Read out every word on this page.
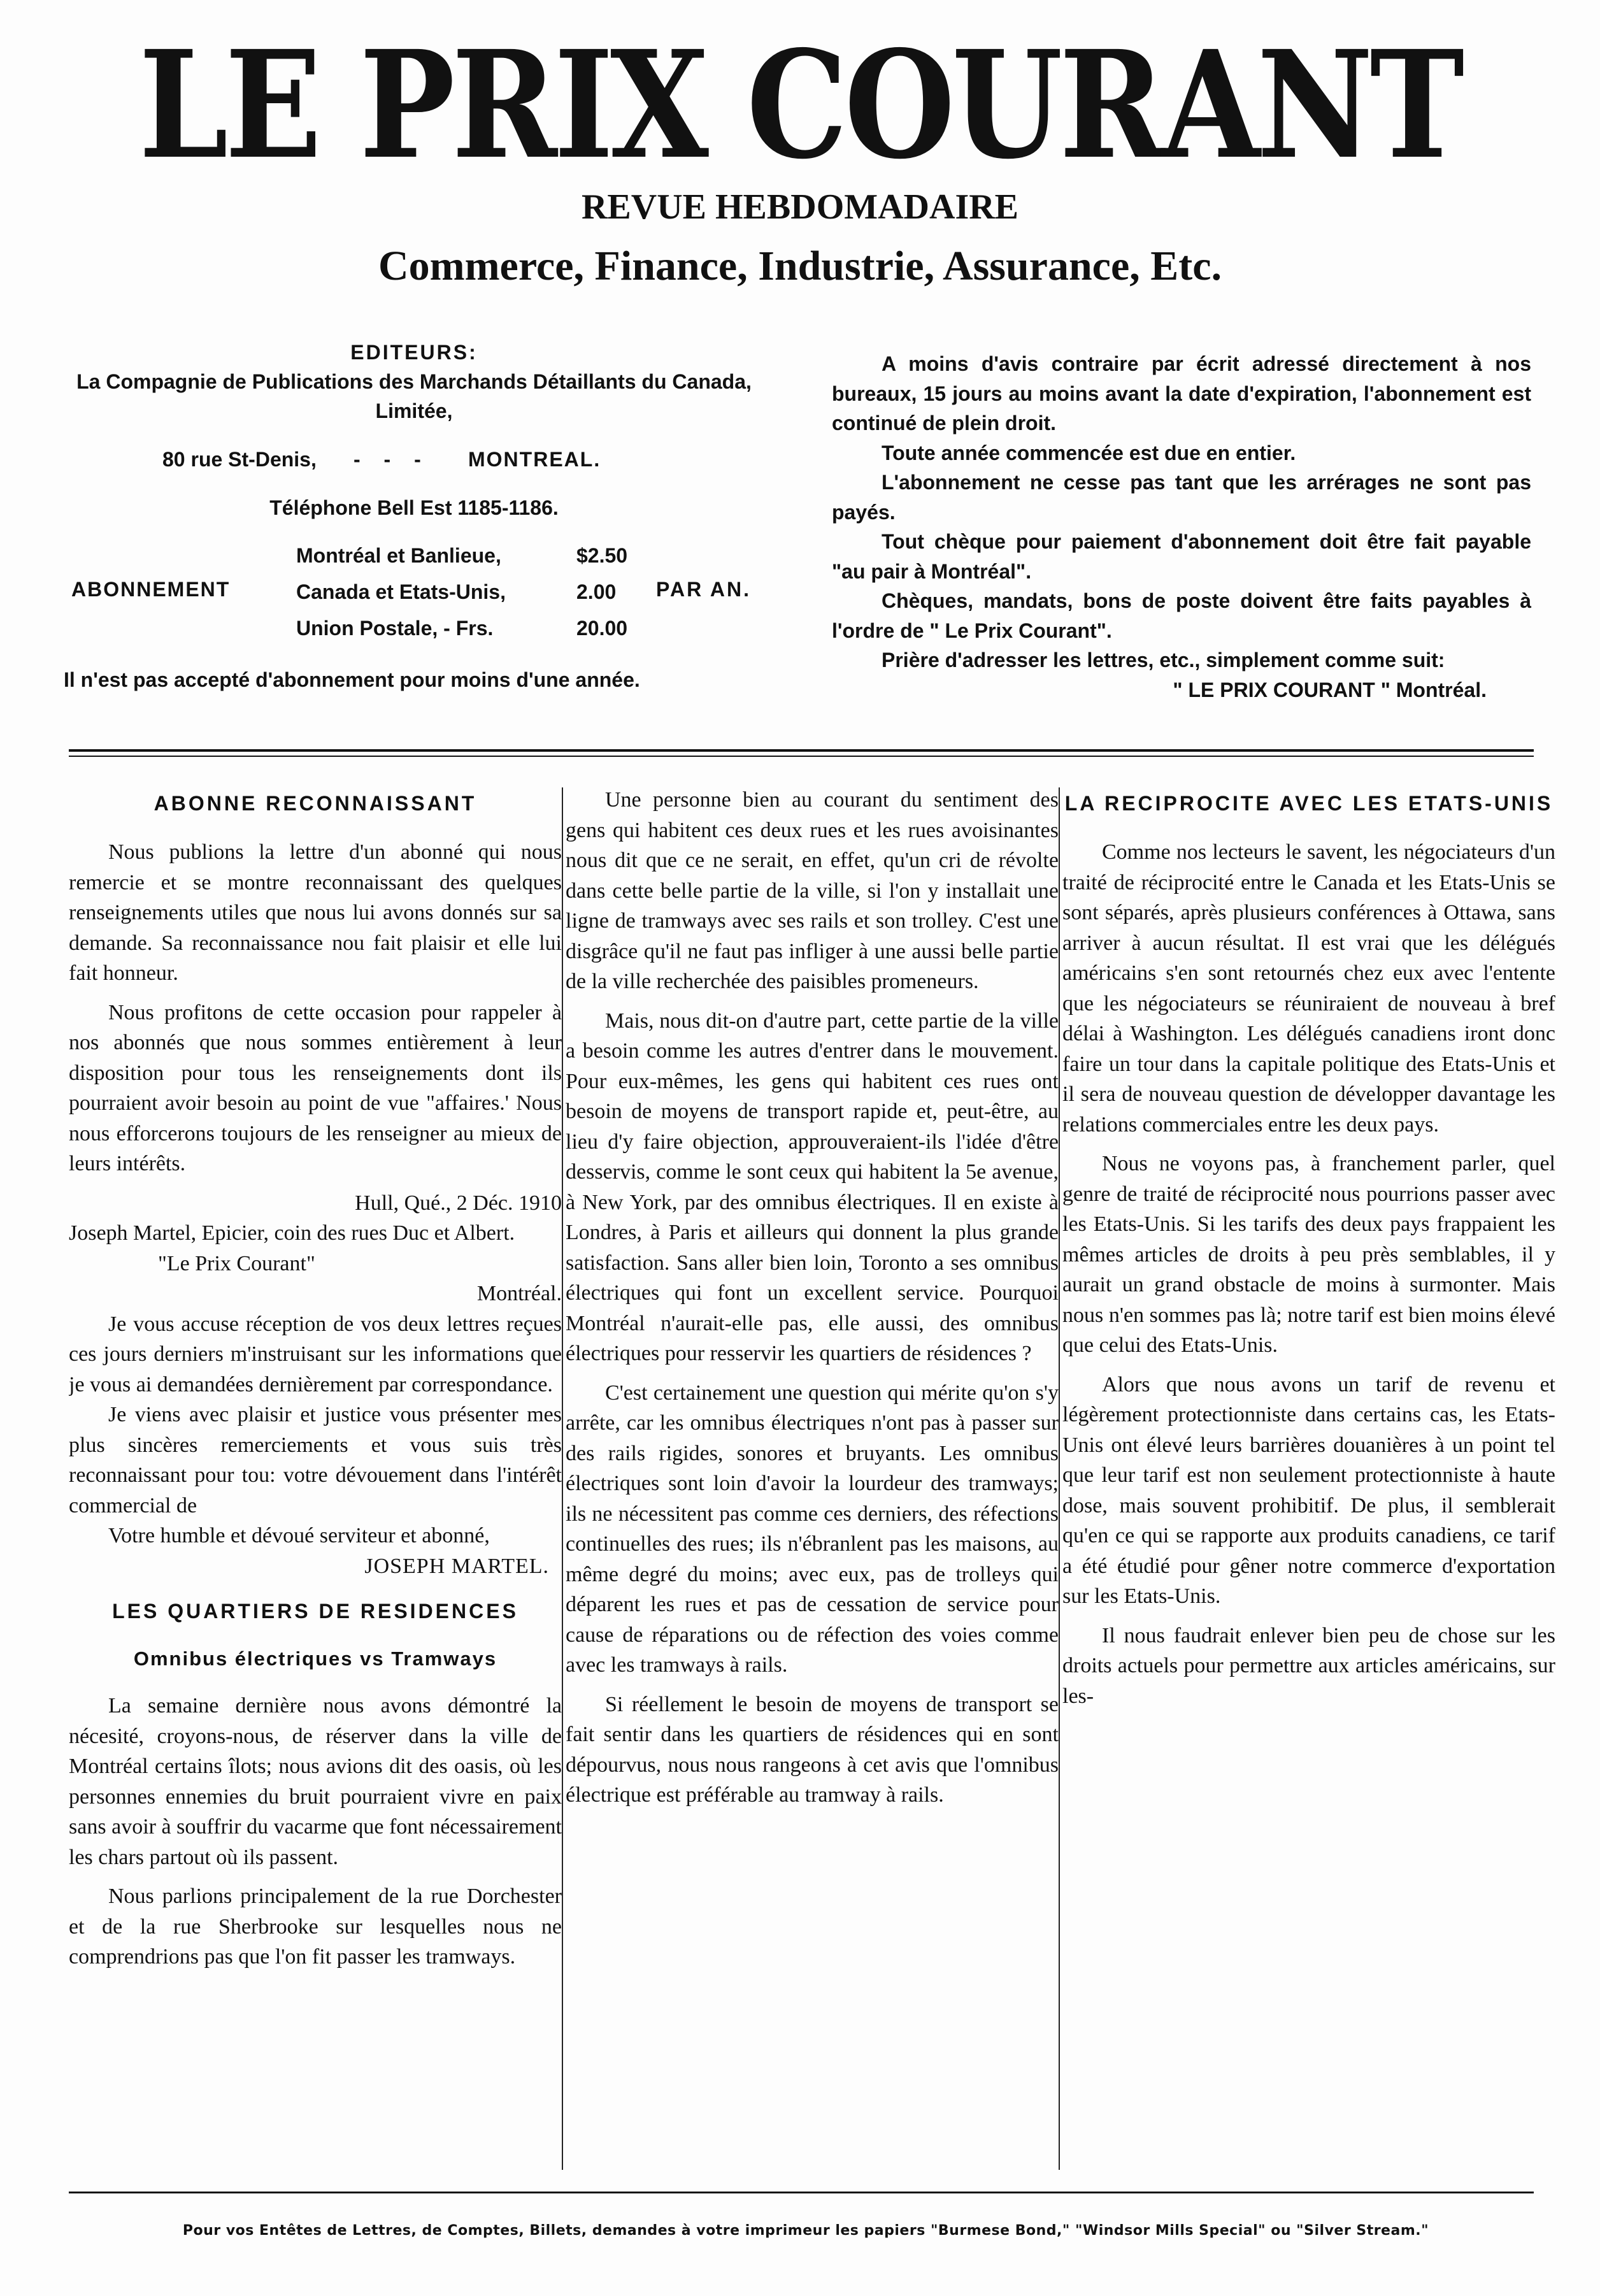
LE PRIX COURANT
REVUE HEBDOMADAIRE
Commerce, Finance, Industrie, Assurance, Etc.
EDITEURS:
La Compagnie de Publications des Marchands Détaillants du Canada, Limitée,
80 rue St-Denis,	- - -	MONTREAL.
Téléphone Bell Est 1185-1186.
ABONNEMENT
Montréal et Banlieue,	$2.50
Canada et Etats-Unis,	2.00
Union Postale, - Frs.	20.00
PAR AN.
Il n'est pas accepté d'abonnement pour moins d'une année.

A moins d'avis contraire par écrit adressé directement à nos bureaux, 15 jours au moins avant la date d'expiration, l'abonnement est continué de plein droit.

Toute année commencée est due en entier.

L'abonnement ne cesse pas tant que les arrérages ne sont pas payés.

Tout chèque pour paiement d'abonnement doit être fait payable "au pair à Montréal".

Chèques, mandats, bons de poste doivent être faits payables à l'ordre de " Le Prix Courant".

Prière d'adresser les lettres, etc., simplement comme suit:

" LE PRIX COURANT " Montréal.

ABONNE RECONNAISSANT

Nous publions la lettre d'un abonné qui nous remercie et se montre reconnaissant des quelques renseignements utiles que nous lui avons donnés sur sa demande. Sa reconnaissance nou fait plaisir et elle lui fait honneur.

Nous profitons de cette occasion pour rappeler à nos abonnés que nous sommes entièrement à leur disposition pour tous les renseignements dont ils pourraient avoir besoin au point de vue "affaires.' Nous nous efforcerons toujours de les renseigner au mieux de leurs intérêts.

Hull, Qué., 2 Déc. 1910

Joseph Martel, Epicier, coin des rues Duc et Albert.

"Le Prix Courant"

Montréal.

Je vous accuse réception de vos deux lettres reçues ces jours derniers m'instruisant sur les informations que je vous ai demandées dernièrement par correspondance.

Je viens avec plaisir et justice vous présenter mes plus sincères remerciements et vous suis très reconnaissant pour tou: votre dévouement dans l'intérêt commercial de

Votre humble et dévoué serviteur et abonné,

JOSEPH MARTEL.

LES QUARTIERS DE RESIDENCES
Omnibus électriques vs Tramways

La semaine dernière nous avons démontré la nécesité, croyons-nous, de réserver dans la ville de Montréal certains îlots; nous avions dit des oasis, où les personnes ennemies du bruit pourraient vivre en paix sans avoir à souffrir du vacarme que font nécessairement les chars partout où ils passent.

Nous parlions principalement de la rue Dorchester et de la rue Sherbrooke sur lesquelles nous ne comprendrions pas que l'on fit passer les tramways.

Une personne bien au courant du sentiment des gens qui habitent ces deux rues et les rues avoisinantes nous dit que ce ne serait, en effet, qu'un cri de révolte dans cette belle partie de la ville, si l'on y installait une ligne de tramways avec ses rails et son trolley. C'est une disgrâce qu'il ne faut pas infliger à une aussi belle partie de la ville recherchée des paisibles promeneurs.

Mais, nous dit-on d'autre part, cette partie de la ville a besoin comme les autres d'entrer dans le mouvement. Pour eux-mêmes, les gens qui habitent ces rues ont besoin de moyens de transport rapide et, peut-être, au lieu d'y faire objection, approuveraient-ils l'idée d'être desservis, comme le sont ceux qui habitent la 5e avenue, à New York, par des omnibus électriques. Il en existe à Londres, à Paris et ailleurs qui donnent la plus grande satisfaction. Sans aller bien loin, Toronto a ses omnibus électriques qui font un excellent service. Pourquoi Montréal n'aurait-elle pas, elle aussi, des omnibus électriques pour resservir les quartiers de résidences ?

C'est certainement une question qui mérite qu'on s'y arrête, car les omnibus électriques n'ont pas à passer sur des rails rigides, sonores et bruyants. Les omnibus électriques sont loin d'avoir la lourdeur des tramways; ils ne nécessitent pas comme ces derniers, des réfections continuelles des rues; ils n'ébranlent pas les maisons, au même degré du moins; avec eux, pas de trolleys qui déparent les rues et pas de cessation de service pour cause de réparations ou de réfection des voies comme avec les tramways à rails.

Si réellement le besoin de moyens de transport se fait sentir dans les quartiers de résidences qui en sont dépourvus, nous nous rangeons à cet avis que l'omnibus électrique est préférable au tramway à rails.

LA RECIPROCITE AVEC LES ETATS-UNIS

Comme nos lecteurs le savent, les négociateurs d'un traité de réciprocité entre le Canada et les Etats-Unis se sont séparés, après plusieurs conférences à Ottawa, sans arriver à aucun résultat. Il est vrai que les délégués américains s'en sont retournés chez eux avec l'entente que les négociateurs se réuniraient de nouveau à bref délai à Washington. Les délégués canadiens iront donc faire un tour dans la capitale politique des Etats-Unis et il sera de nouveau question de développer davantage les relations commerciales entre les deux pays.

Nous ne voyons pas, à franchement parler, quel genre de traité de réciprocité nous pourrions passer avec les Etats-Unis. Si les tarifs des deux pays frappaient les mêmes articles de droits à peu près semblables, il y aurait un grand obstacle de moins à surmonter. Mais nous n'en sommes pas là; notre tarif est bien moins élevé que celui des Etats-Unis.

Alors que nous avons un tarif de revenu et légèrement protectionniste dans certains cas, les Etats-Unis ont élevé leurs barrières douanières à un point tel que leur tarif est non seulement protectionniste à haute dose, mais souvent prohibitif. De plus, il semblerait qu'en ce qui se rapporte aux produits canadiens, ce tarif a été étudié pour gêner notre commerce d'exportation sur les Etats-Unis.

Il nous faudrait enlever bien peu de chose sur les droits actuels pour permettre aux articles américains, sur les-

Pour vos Entêtes de Lettres, de Comptes, Billets, demandes à votre imprimeur les papiers "Burmese Bond," "Windsor Mills Special" ou "Silver Stream."
